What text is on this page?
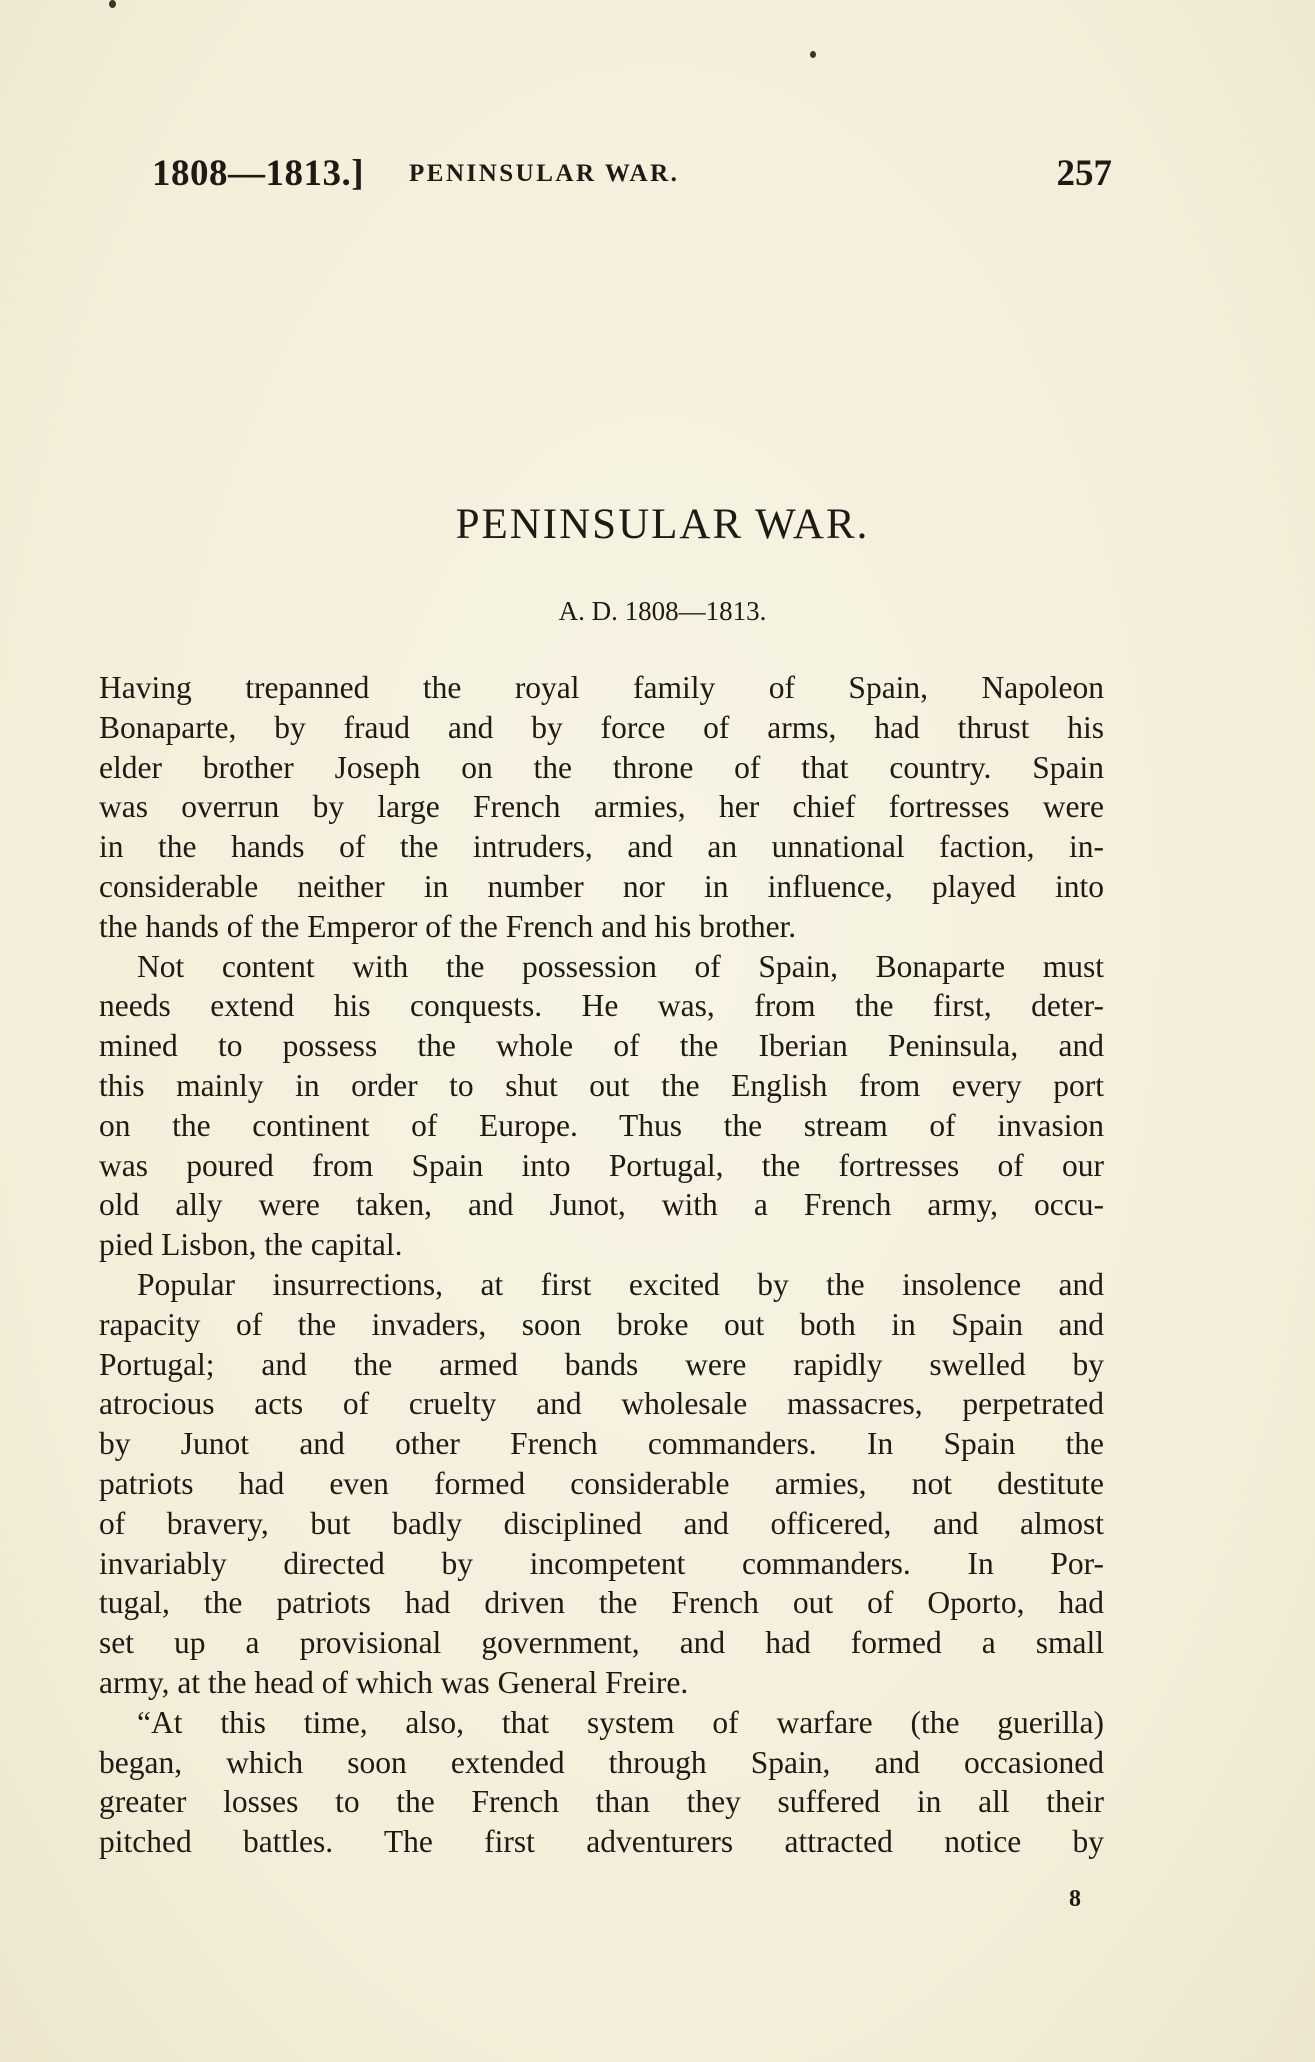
1808—1813.] PENINSULAR WAR.	257
PENINSULAR WAR.
A. D. 1808—1813.
Having trepanned the royal family of Spain, Napoleon
Bonaparte, by fraud and by force of arms, had thrust his
elder brother Joseph on the throne of that country. Spain
was overrun by large French armies, her chief fortresses were
in the hands of the intruders, and an unnational faction, in-
considerable neither in number nor in influence, played into
the hands of the Emperor of the French and his brother.
Not content with the possession of Spain, Bonaparte must
needs extend his conquests. He was, from the first, deter-
mined to possess the whole of the Iberian Peninsula, and
this mainly in order to shut out the English from every port
on the continent of Europe. Thus the stream of invasion
was poured from Spain into Portugal, the fortresses of our
old ally were taken, and Junot, with a French army, occu-
pied Lisbon, the capital.
Popular insurrections, at first excited by the insolence and
rapacity of the invaders, soon broke out both in Spain and
Portugal; and the armed bands were rapidly swelled by
atrocious acts of cruelty and wholesale massacres, perpetrated
by Junot and other French commanders. In Spain the
patriots had even formed considerable armies, not destitute
of bravery, but badly disciplined and officered, and almost
invariably directed by incompetent commanders. In Por-
tugal, the patriots had driven the French out of Oporto, had
set up a provisional government, and had formed a small
army, at the head of which was General Freire.
“At this time, also, that system of warfare (the guerilla)
began, which soon extended through Spain, and occasioned
greater losses to the French than they suffered in all their
pitched battles. The first adventurers attracted notice by
8
